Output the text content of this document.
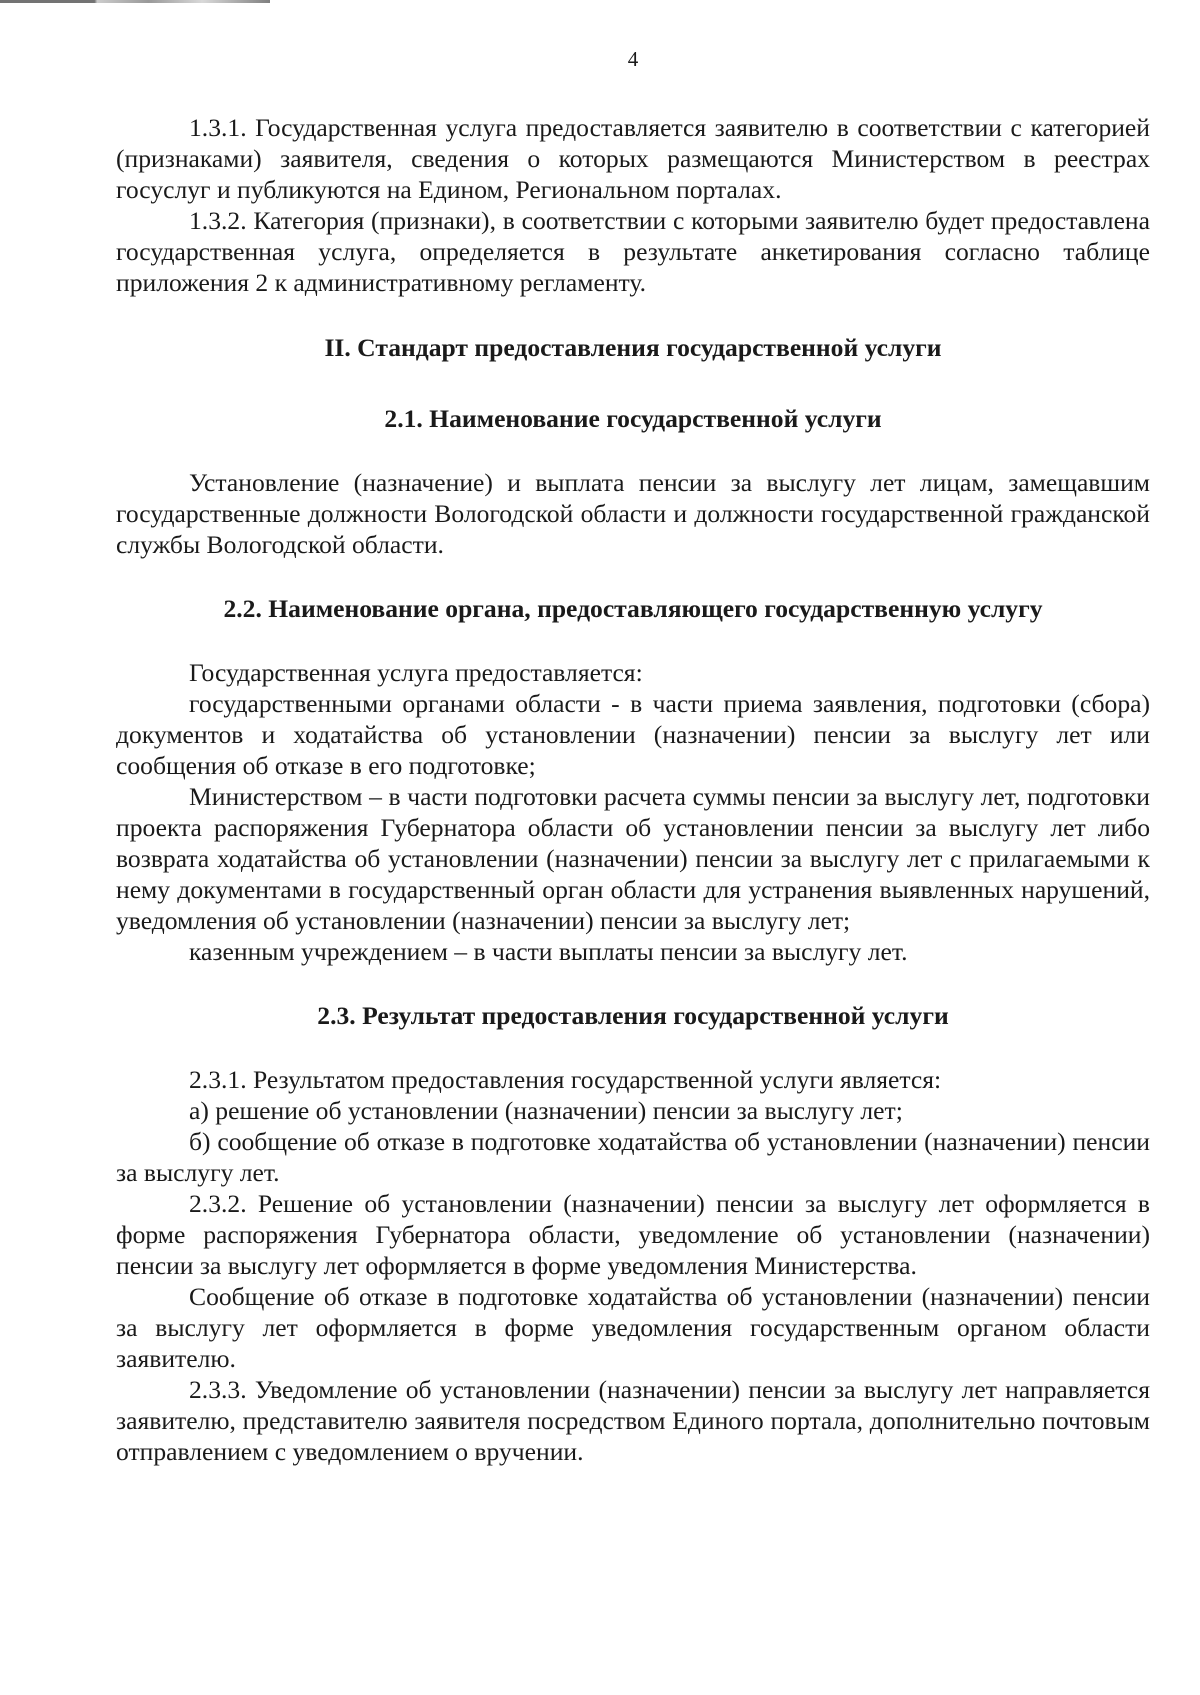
4

1.3.1. Государственная услуга предоставляется заявителю в соответствии с категорией (признаками) заявителя, сведения о которых размещаются Министерством в реестрах госуслуг и публикуются на Едином, Региональном порталах.

1.3.2. Категория (признаки), в соответствии с которыми заявителю будет предоставлена государственная услуга, определяется в результате анкетирования согласно таблице приложения 2 к административному регламенту.

II. Стандарт предоставления государственной услуги
2.1. Наименование государственной услуги

Установление (назначение) и выплата пенсии за выслугу лет лицам, замещавшим государственные должности Вологодской области и должности государственной гражданской службы Вологодской области.

2.2. Наименование органа, предоставляющего государственную услугу

Государственная услуга предоставляется:

государственными органами области - в части приема заявления, подготовки (сбора) документов и ходатайства об установлении (назначении) пенсии за выслугу лет или сообщения об отказе в его подготовке;

Министерством – в части подготовки расчета суммы пенсии за выслугу лет, подготовки проекта распоряжения Губернатора области об установлении пенсии за выслугу лет либо возврата ходатайства об установлении (назначении) пенсии за выслугу лет с прилагаемыми к нему документами в государственный орган области для устранения выявленных нарушений, уведомления об установлении (назначении) пенсии за выслугу лет;

казенным учреждением – в части выплаты пенсии за выслугу лет.

2.3. Результат предоставления государственной услуги

2.3.1. Результатом предоставления государственной услуги является:

а) решение об установлении (назначении) пенсии за выслугу лет;

б) сообщение об отказе в подготовке ходатайства об установлении (назначении) пенсии за выслугу лет.

2.3.2. Решение об установлении (назначении) пенсии за выслугу лет оформляется в форме распоряжения Губернатора области, уведомление об установлении (назначении) пенсии за выслугу лет оформляется в форме уведомления Министерства.

Сообщение об отказе в подготовке ходатайства об установлении (назначении) пенсии за выслугу лет оформляется в форме уведомления государственным органом области заявителю.

2.3.3. Уведомление об установлении (назначении) пенсии за выслугу лет направляется заявителю, представителю заявителя посредством Единого портала, дополнительно почтовым отправлением с уведомлением о вручении.
